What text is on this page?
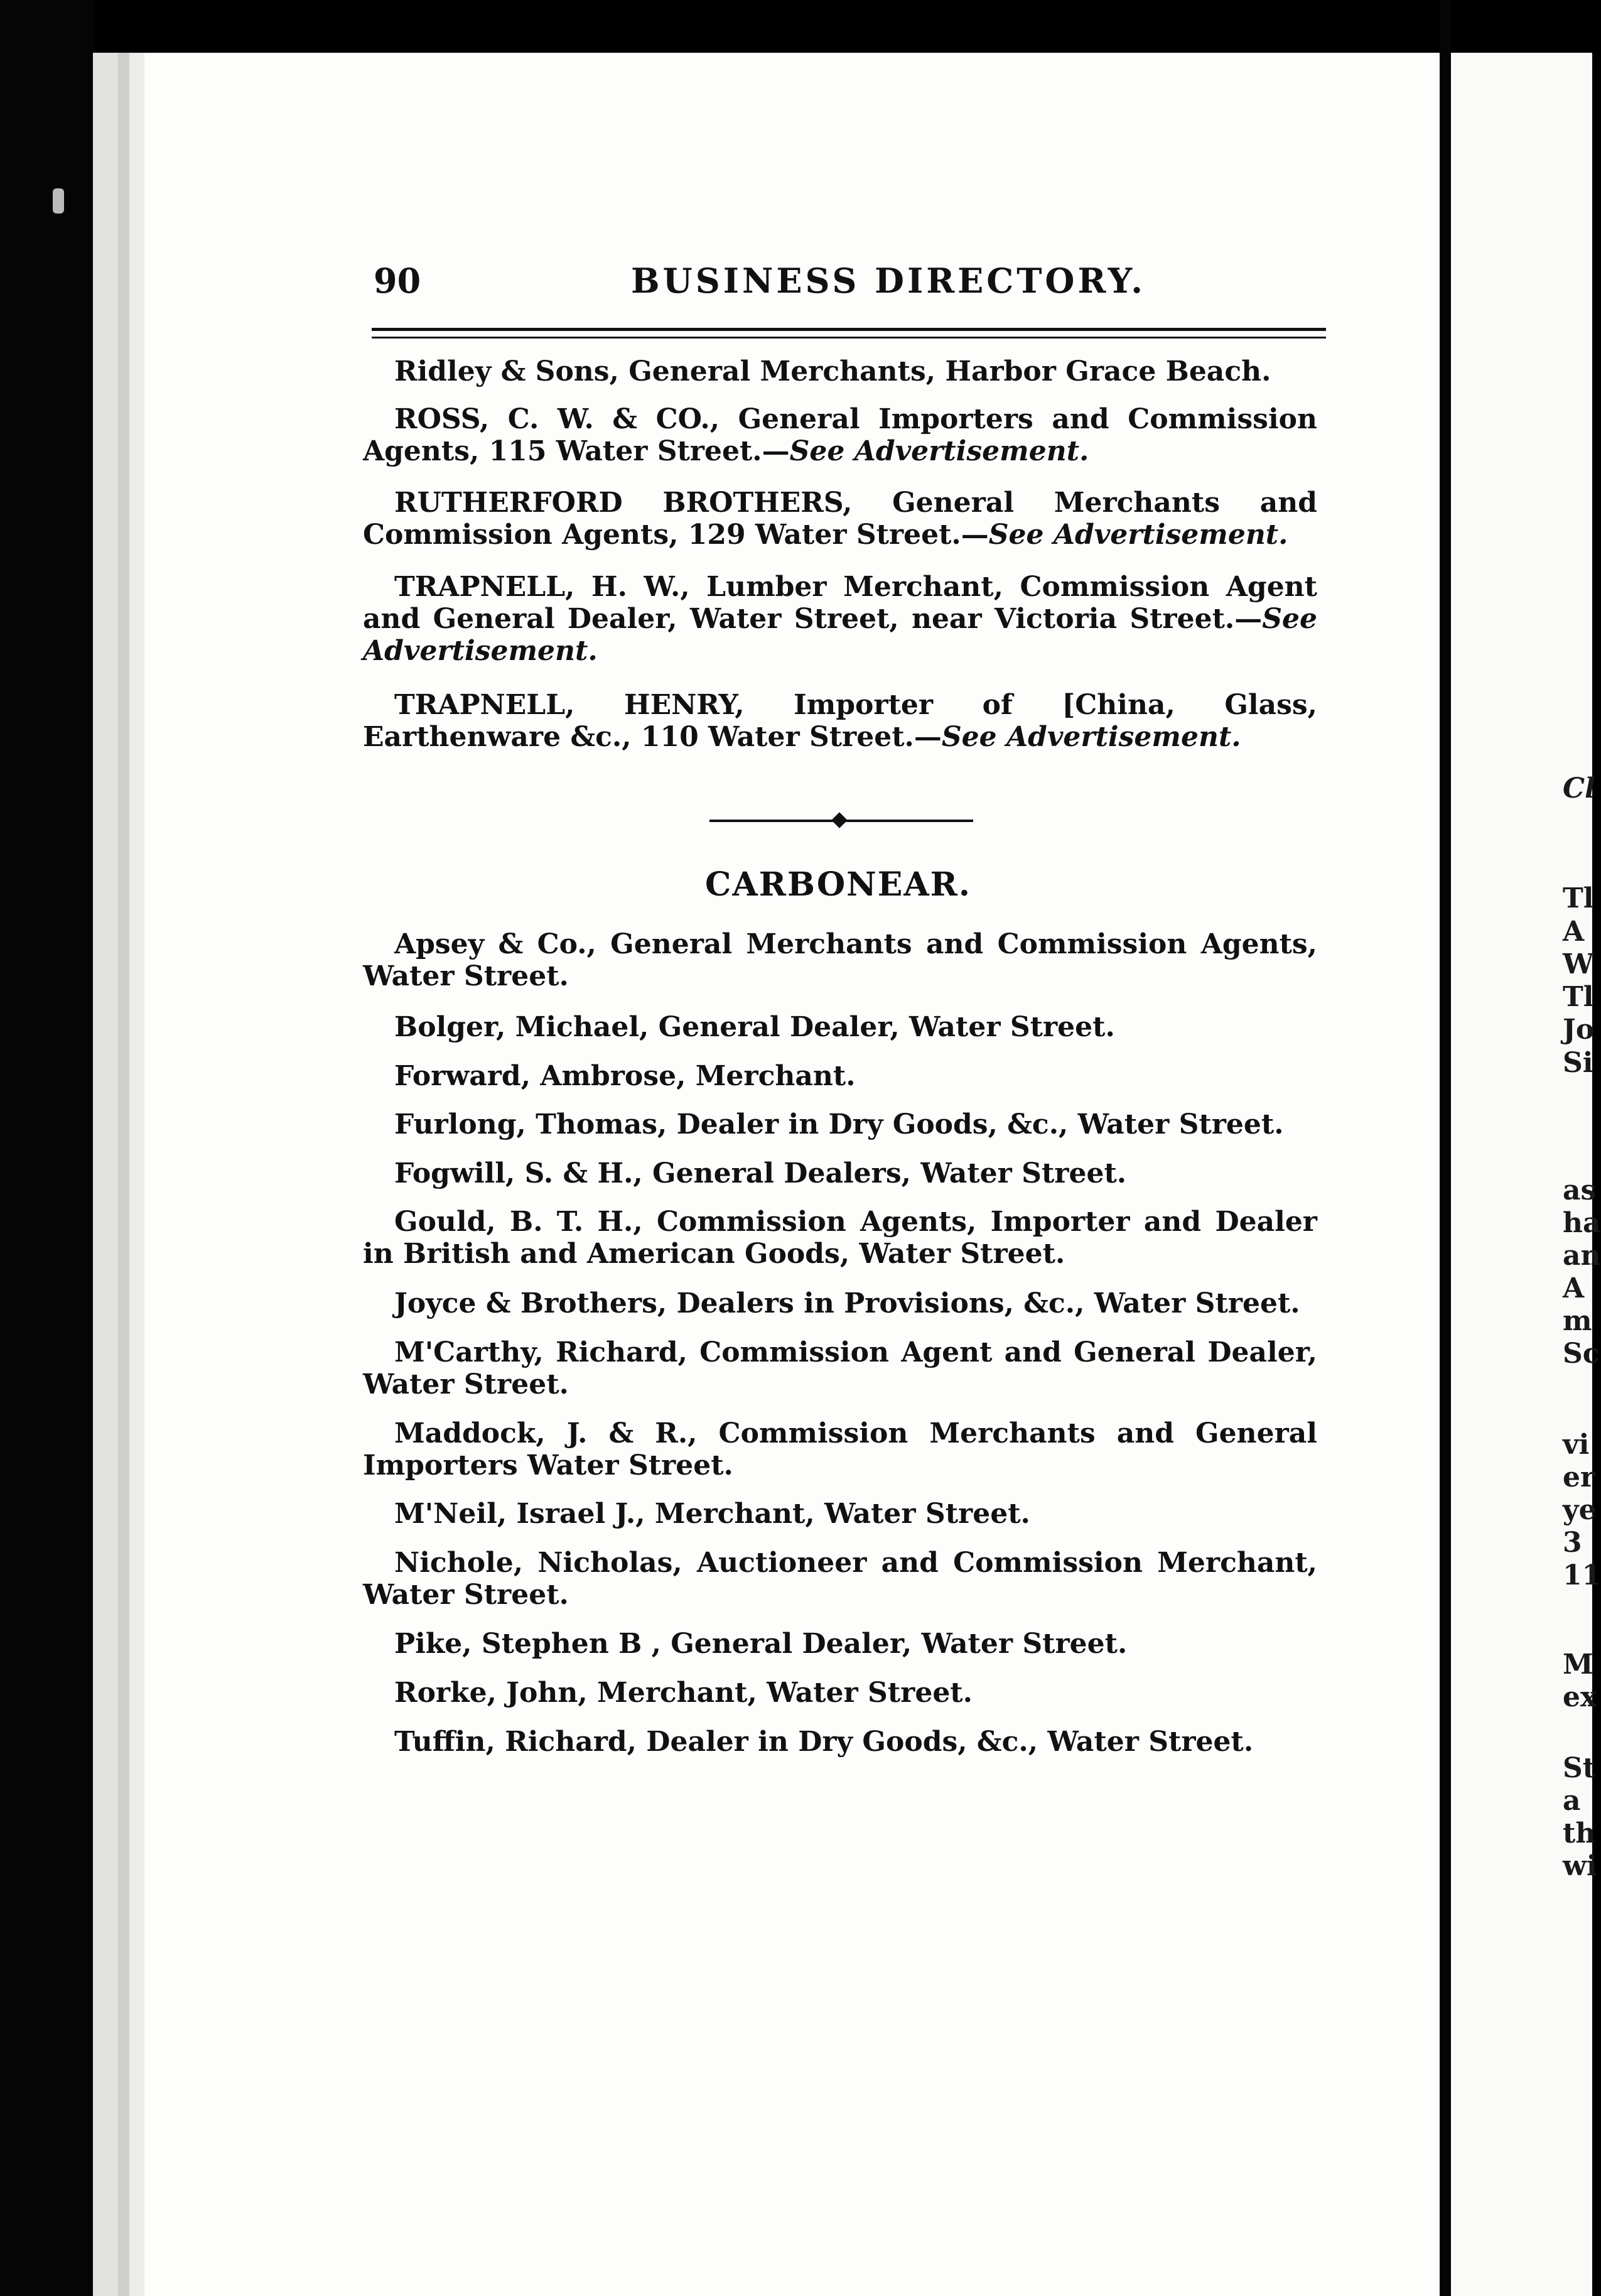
Cl
Tl
A
W
Tl
Jo
Si
as
ha
an
A
m
Sc
vi
er
ye
3
11
M
ex
St
a
th
wi
90	BUSINESS DIRECTORY.

Ridley & Sons, General Merchants, Harbor Grace Beach.

ROSS, C. W. & CO., General Importers and Commission Agents, 115 Water Street.—See Advertisement.

RUTHERFORD BROTHERS, General Merchants and Commission Agents, 129 Water Street.—See Advertisement.

TRAPNELL, H. W., Lumber Merchant, Commission Agent and General Dealer, Water Street, near Victoria Street.—See Advertisement.

TRAPNELL, HENRY, Importer of [China, Glass, Earthenware &c., 110 Water Street.—See Advertisement.

CARBONEAR.

Apsey & Co., General Merchants and Commission Agents, Water Street.

Bolger, Michael, General Dealer, Water Street.

Forward, Ambrose, Merchant.

Furlong, Thomas, Dealer in Dry Goods, &c., Water Street.

Fogwill, S. & H., General Dealers, Water Street.

Gould, B. T. H., Commission Agents, Importer and Dealer in British and American Goods, Water Street.

Joyce & Brothers, Dealers in Provisions, &c., Water Street.

M'Carthy, Richard, Commission Agent and General Dealer, Water Street.

Maddock, J. & R., Commission Merchants and General Importers Water Street.

M'Neil, Israel J., Merchant, Water Street.

Nichole, Nicholas, Auctioneer and Commission Merchant, Water Street.

Pike, Stephen B , General Dealer, Water Street.

Rorke, John, Merchant, Water Street.

Tuffin, Richard, Dealer in Dry Goods, &c., Water Street.
